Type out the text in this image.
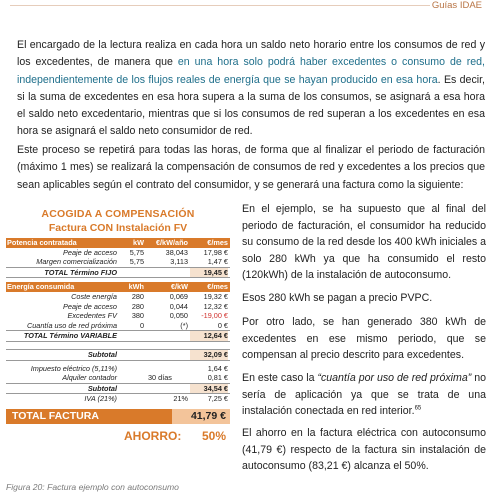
Guías IDAE
El encargado de la lectura realiza en cada hora un saldo neto horario entre los consumos de red y los excedentes, de manera que en una hora solo podrá haber excedentes o consumo de red, independientemente de los flujos reales de energía que se hayan producido en esa hora. Es decir, si la suma de excedentes en esa hora supera a la suma de los consumos, se asignará a esa hora el saldo neto excedentario, mientras que si los consumos de red superan a los excedentes en esa hora se asignará el saldo neto consumidor de red.
Este proceso se repetirá para todas las horas, de forma que al finalizar el periodo de facturación (máximo 1 mes) se realizará la compensación de consumos de red y excedentes a los precios que sean aplicables según el contrato del consumidor, y se generará una factura como la siguiente:
ACOGIDA A COMPENSACIÓN
Factura CON Instalación FV
Potencia contratada	kW	€/kW/año	€/mes
Peaje de acceso	5,75	38,043	17,98 €
Margen comercialización	5,75	3,113	1,47 €
TOTAL Término FIJO	19,45 €
Energía consumida	kWh	€/kW	€/mes
Coste energía	280	0,069	19,32 €
Peaje de acceso	280	0,044	12,32 €
Excedentes FV	380	0,050	-19,00 €
Cuantía uso de red próxima	0	(*)	0 €
TOTAL Término VARIABLE	12,64 €
Subtotal	32,09 €
Impuesto eléctrico (5,11%)	1,64 €
Alquiler contador	30 días	0,81 €
Subtotal	34,54 €
IVA (21%)	21%	7,25 €
TOTAL FACTURA	41,79 €
AHORRO: 50%
Figura 20: Factura ejemplo con autoconsumo
En el ejemplo, se ha supuesto que al final del periodo de facturación, el consumidor ha reducido su consumo de la red desde los 400 kWh iniciales a solo 280 kWh ya que ha consumido el resto (120kWh) de la instalación de autoconsumo.
Esos 280 kWh se pagan a precio PVPC.
Por otro lado, se han generado 380 kWh de excedentes en ese mismo periodo, que se compensan al precio descrito para excedentes.
En este caso la “cuantía por uso de red próxima” no sería de aplicación ya que se trata de una instalación conectada en red interior.$^{65}$
El ahorro en la factura eléctrica con autoconsumo (41,79 €) respecto de la factura sin instalación de autoconsumo (83,21 €) alcanza el 50%.
